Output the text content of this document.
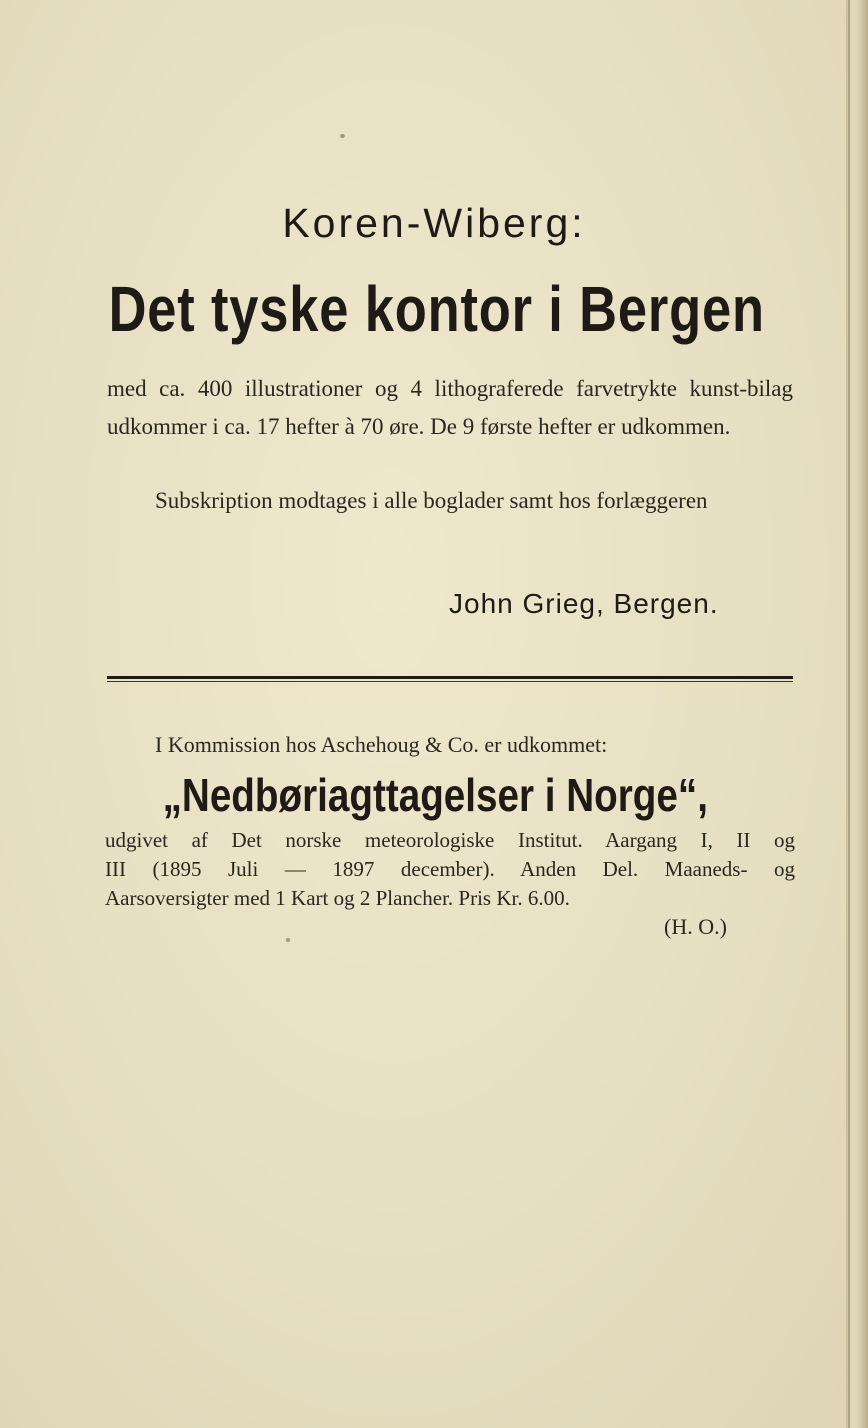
Koren-Wiberg:
Det tyske kontor i Bergen
med ca. 400 illustrationer og 4 lithograferede farvetrykte kunst-bilag udkommer i ca. 17 hefter à 70 øre. De 9 første hefter er udkommen.
Subskription modtages i alle boglader samt hos forlæggeren
John Grieg, Bergen.
I Kommission hos Aschehoug & Co. er udkommet:
„Nedbøriagttagelser i Norge“,
udgivet af Det norske meteorologiske Institut. Aargang I, II og
III (1895 Juli — 1897 december). Anden Del. Maaneds- og
Aarsoversigter med 1 Kart og 2 Plancher. Pris Kr. 6.00.
(H. O.)
